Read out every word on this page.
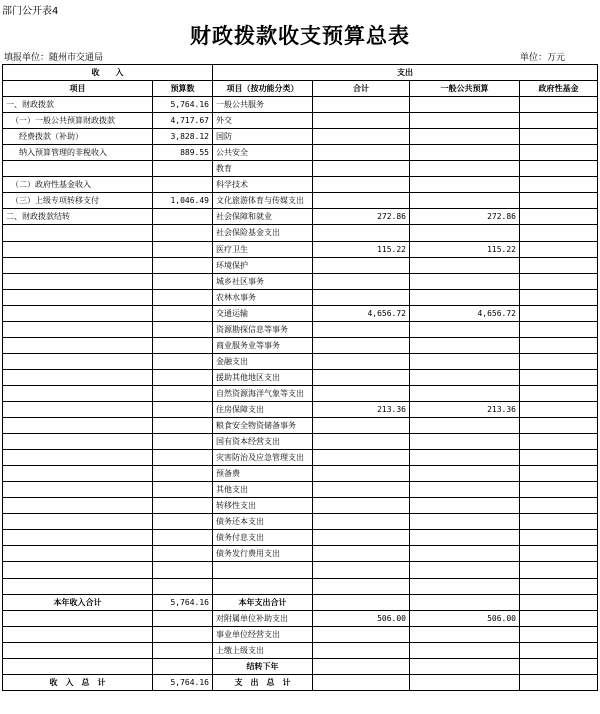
部门公开表4
财政拨款收支预算总表
填报单位：随州市交通局	单位：万元
收　　入		支出			
项目	预算数	项目（按功能分类）	合计	一般公共预算	政府性基金
一、财政拨款	5,764.16	一般公共服务			
（一）一般公共预算财政拨款	4,717.67	外交			
经费拨款（补助）	3,828.12	国防			
纳入预算管理的非税收入	889.55	公共安全			
		教育			
（二）政府性基金收入		科学技术			
（三）上级专项转移支付	1,046.49	文化旅游体育与传媒支出			
二、财政拨款结转		社会保障和就业	272.86	272.86	
		社会保险基金支出			
		医疗卫生	115.22	115.22	
		环境保护			
		城乡社区事务			
		农林水事务			
		交通运输	4,656.72	4,656.72	
		资源勘探信息等事务			
		商业服务业等事务			
		金融支出			
		援助其他地区支出			
		自然资源海洋气象等支出			
		住房保障支出	213.36	213.36	
		粮食安全物资储备事务			
		国有资本经营支出			
		灾害防治及应急管理支出			
		预备费			
		其他支出			
		转移性支出			
		债务还本支出			
		债务付息支出			
		债务发行费用支出			

本年收入合计	5,764.16	本年支出合计			
		对附属单位补助支出	506.00	506.00	
		事业单位经营支出			
		上缴上级支出			
		结转下年			
收　入　总　计	5,764.16	支　出　总　计			
